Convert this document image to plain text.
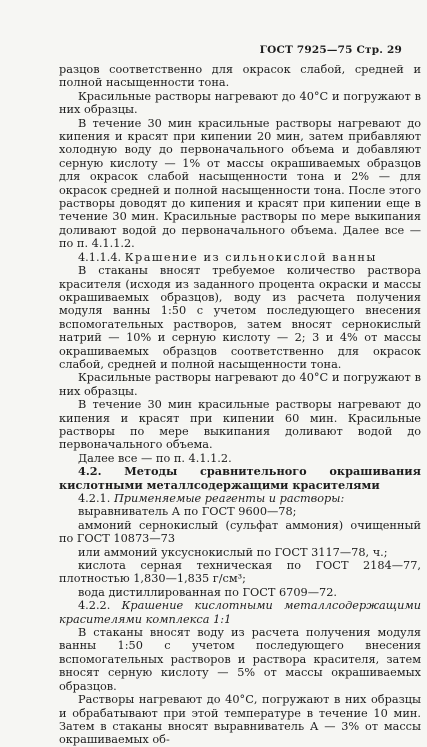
ГОСТ 7925—75 Стр. 29

разцов соответственно для окрасок слабой, средней и полной насыщенности тона.

Красильные растворы нагревают до 40°С и погружают в них образцы.

В течение 30 мин красильные растворы нагревают до кипения и красят при кипении 20 мин, затем прибавляют холодную воду до первоначального объема и добавляют серную кислоту — 1% от массы окрашиваемых образцов для окрасок слабой насыщенности тона и 2% — для окрасок средней и полной насыщенности тона. После этого растворы доводят до кипения и красят при кипении еще в течение 30 мин. Красильные растворы по мере выкипания доливают водой до первоначального объема. Далее все — по п. 4.1.1.2.

4.1.1.4. Крашение из сильнокислой ванны

В стаканы вносят требуемое количество раствора красителя (исходя из заданного процента окраски и массы окрашиваемых образцов), воду из расчета получения модуля ванны 1:50 с учетом последующего внесения вспомогательных растворов, затем вносят сернокислый натрий — 10% и серную кислоту — 2; 3 и 4% от массы окрашиваемых образцов соответственно для окрасок слабой, средней и полной насыщенности тона.

Красильные растворы нагревают до 40°С и погружают в них образцы.

В течение 30 мин красильные растворы нагревают до кипения и красят при кипении 60 мин. Красильные растворы по мере выкипания доливают водой до первоначального объема.

Далее все — по п. 4.1.1.2.

4.2. Методы сравнительного окрашивания кислотными металлсодержащими красителями

4.2.1. Применяемые реагенты и растворы:

выравниватель А по ГОСТ 9600—78;

аммоний сернокислый (сульфат аммония) очищенный по ГОСТ 10873—73

или аммоний уксуснокислый по ГОСТ 3117—78, ч.;

кислота серная техническая по ГОСТ 2184—77, плотностью 1,830—1,835 г/см³;

вода дистиллированная по ГОСТ 6709—72.

4.2.2. Крашение кислотными металлсодержащими красителями комплекса 1:1

В стаканы вносят воду из расчета получения модуля ванны 1:50 с учетом последующего внесения вспомогательных растворов и раствора красителя, затем вносят серную кислоту — 5% от массы окрашиваемых образцов.

Растворы нагревают до 40°С, погружают в них образцы и обрабатывают при этой температуре в течение 10 мин. Затем в стаканы вносят выравниватель А — 3% от массы окрашиваемых об-
